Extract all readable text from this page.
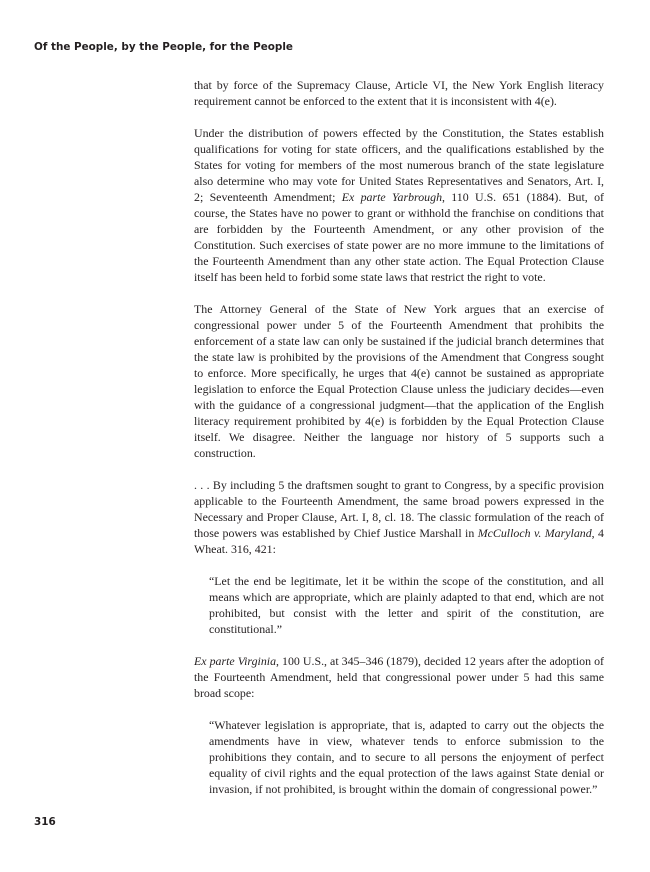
Of the People, by the People, for the People

that by force of the Supremacy Clause, Article VI, the New York English literacy requirement cannot be enforced to the extent that it is inconsistent with 4(e).

Under the distribution of powers effected by the Constitution, the States establish qualifications for voting for state officers, and the qualifications established by the States for voting for members of the most numerous branch of the state legislature also determine who may vote for United States Representatives and Senators, Art. I, 2; Seventeenth Amendment; Ex parte Yarbrough, 110 U.S. 651 (1884). But, of course, the States have no power to grant or withhold the franchise on conditions that are forbidden by the Fourteenth Amendment, or any other provision of the Constitution. Such exercises of state power are no more immune to the limitations of the Fourteenth Amendment than any other state action. The Equal Protection Clause itself has been held to forbid some state laws that restrict the right to vote.

The Attorney General of the State of New York argues that an exercise of congressional power under 5 of the Fourteenth Amendment that prohibits the enforcement of a state law can only be sustained if the judicial branch determines that the state law is prohibited by the provisions of the Amendment that Congress sought to enforce. More specifically, he urges that 4(e) cannot be sustained as appropriate legislation to enforce the Equal Protection Clause unless the judiciary decides—even with the guidance of a congressional judgment—that the application of the English literacy requirement prohibited by 4(e) is forbidden by the Equal Protection Clause itself. We disagree. Neither the language nor history of 5 supports such a construction.

. . . By including 5 the draftsmen sought to grant to Congress, by a specific provision applicable to the Fourteenth Amendment, the same broad powers expressed in the Necessary and Proper Clause, Art. I, 8, cl. 18. The classic formulation of the reach of those powers was established by Chief Justice Marshall in McCulloch v. Maryland, 4 Wheat. 316, 421:

“Let the end be legitimate, let it be within the scope of the constitution, and all means which are appropriate, which are plainly adapted to that end, which are not prohibited, but consist with the letter and spirit of the constitution, are constitutional.”

Ex parte Virginia, 100 U.S., at 345–346 (1879), decided 12 years after the adoption of the Fourteenth Amendment, held that congressional power under 5 had this same broad scope:

“Whatever legislation is appropriate, that is, adapted to carry out the objects the amendments have in view, whatever tends to enforce submission to the prohibitions they contain, and to secure to all persons the enjoyment of perfect equality of civil rights and the equal protection of the laws against State denial or invasion, if not prohibited, is brought within the domain of congressional power.”

316
